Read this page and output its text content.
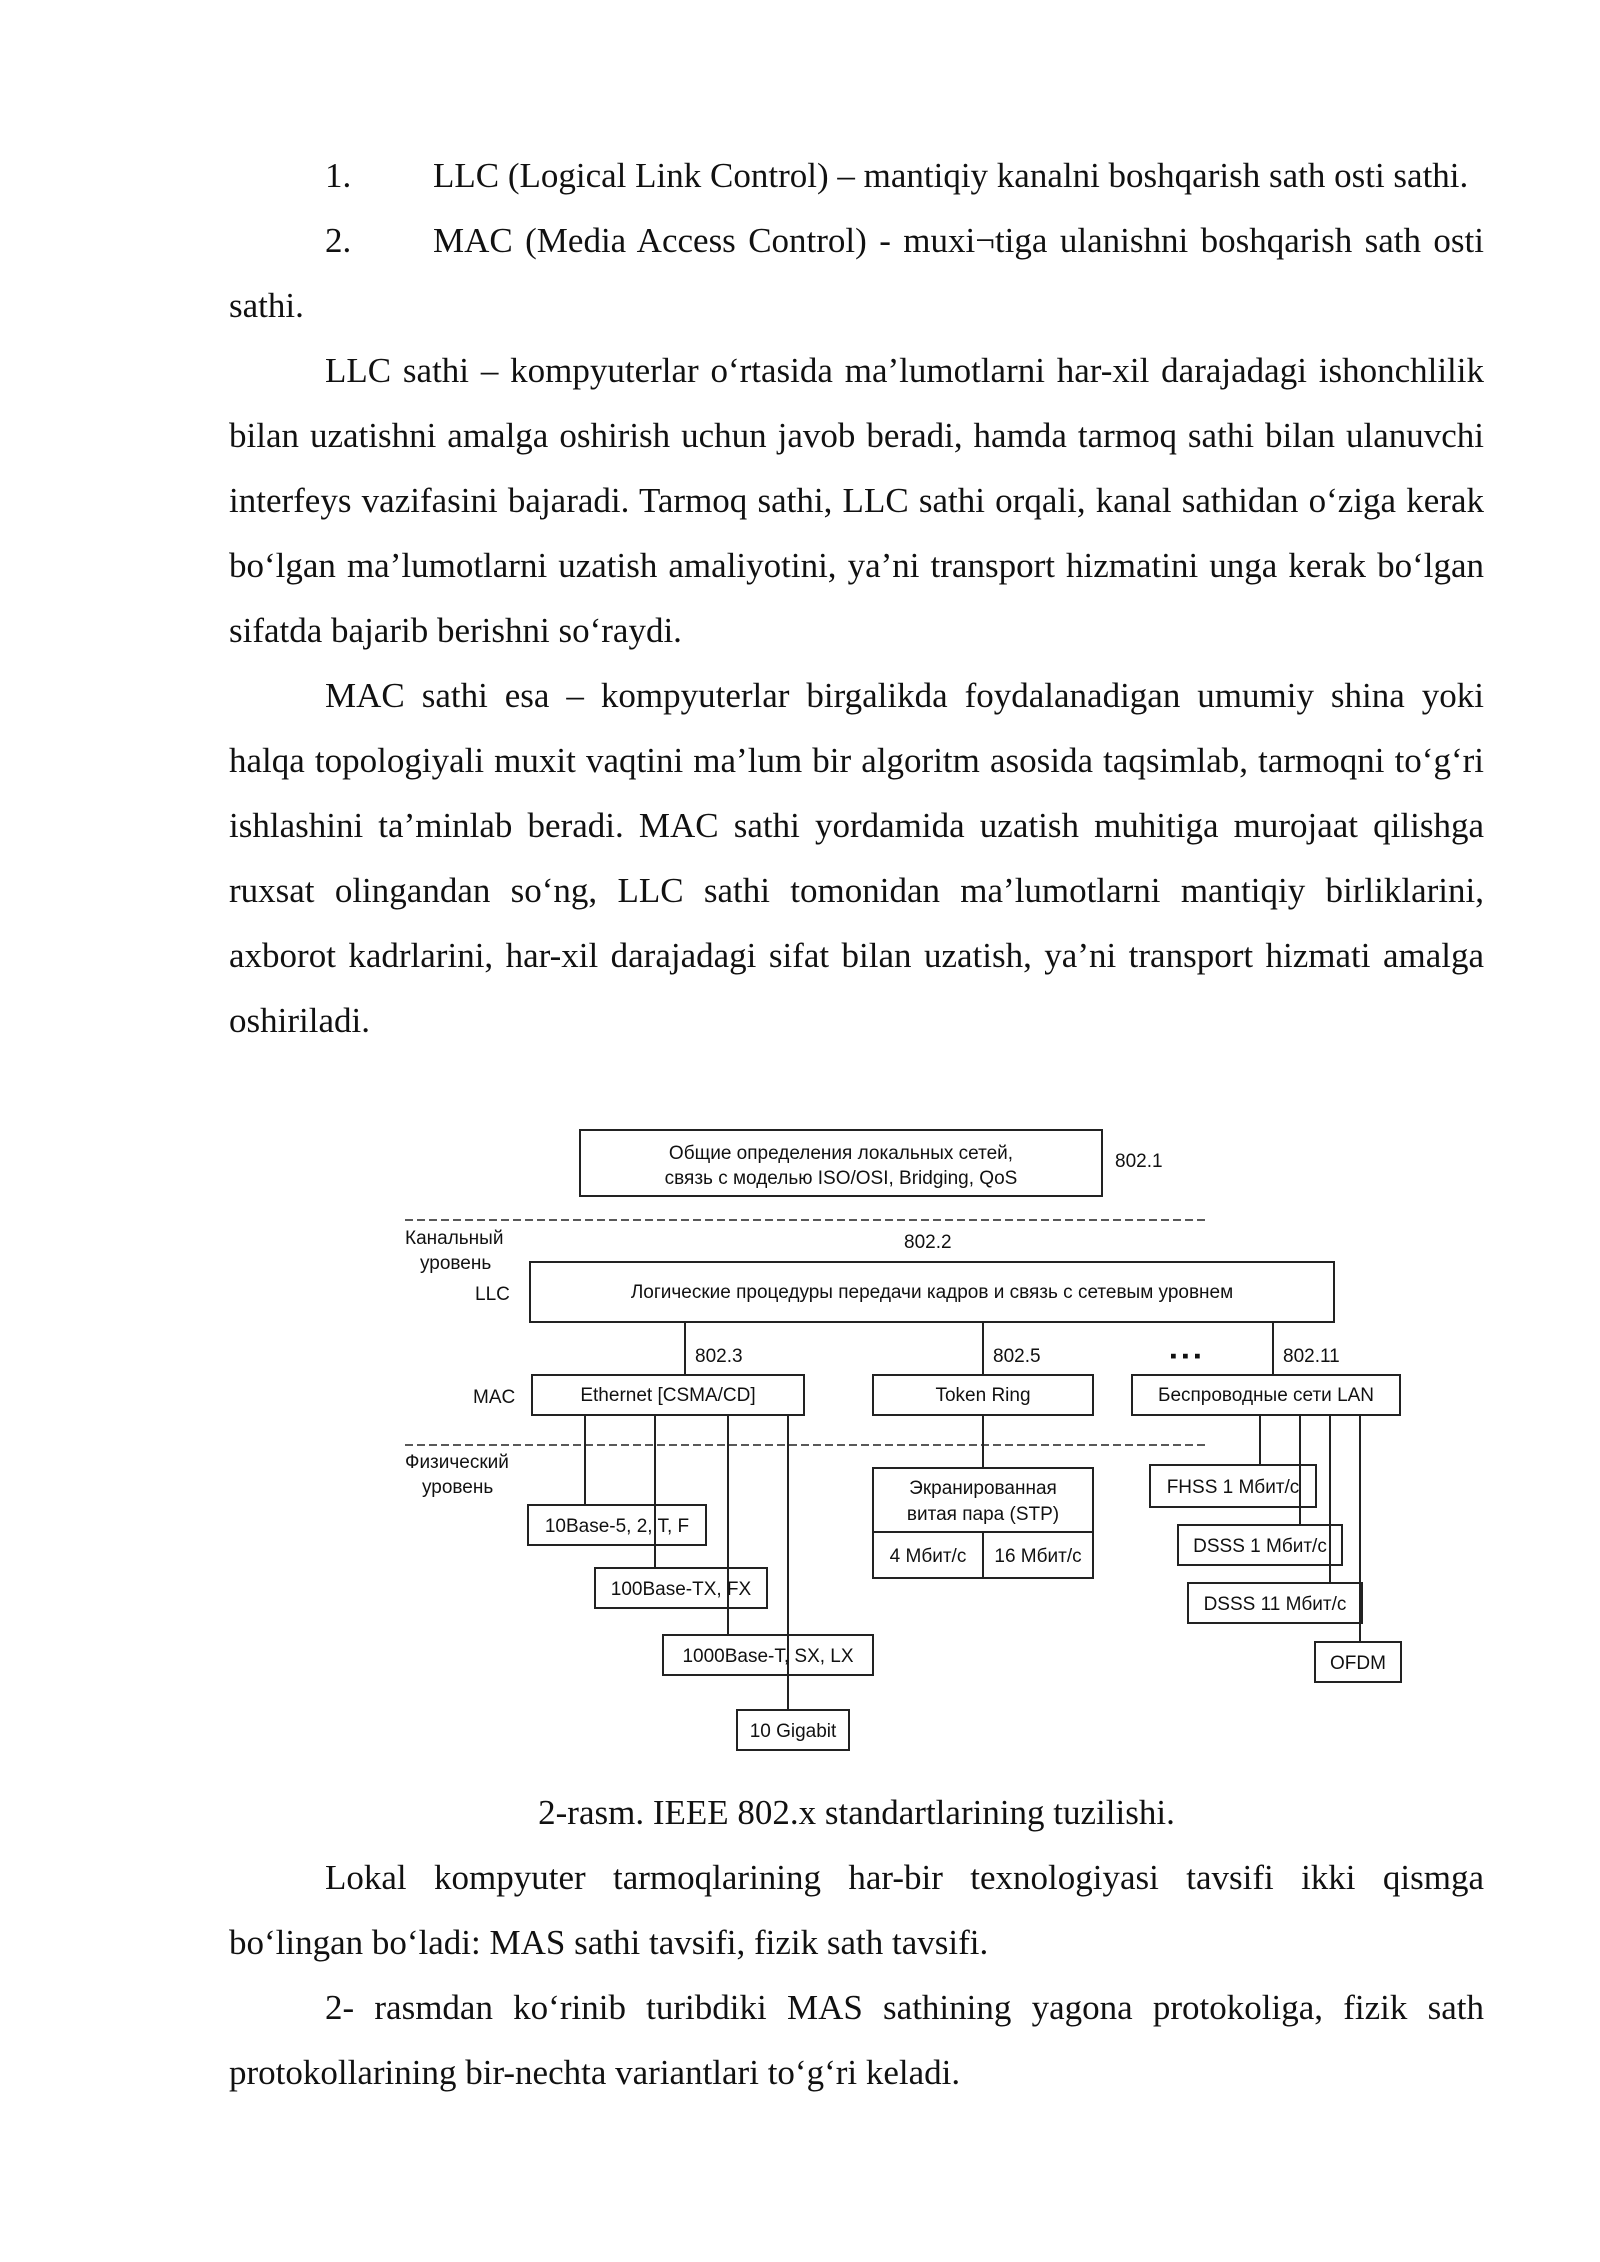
1. LLC (Logical Link Control) – mantiqiy kanalni boshqarish sath osti sathi.

2. MAC (Media Access Control) - muxi¬tiga ulanishni boshqarish sath osti sathi.

LLC sathi – kompyuterlar o‘rtasida ma’lumotlarni har-xil darajadagi ishonchlilik bilan uzatishni amalga oshirish uchun javob beradi, hamda tarmoq sathi bilan ulanuvchi interfeys vazifasini bajaradi. Tarmoq sathi, LLC sathi orqali, kanal sathidan o‘ziga kerak bo‘lgan ma’lumotlarni uzatish amaliyotini, ya’ni transport hizmatini unga kerak bo‘lgan sifatda bajarib berishni so‘raydi.

MAC sathi esa – kompyuterlar birgalikda foydalanadigan umumiy shina yoki halqa topologiyali muxit vaqtini ma’lum bir algoritm asosida taqsimlab, tarmoqni to‘g‘ri ishlashini ta’minlab beradi. MAC sathi yordamida uzatish muhitiga murojaat qilishga ruxsat olingandan so‘ng, LLC sathi tomonidan ma’lumotlarni mantiqiy birliklarini, axborot kadrlarini, har-xil darajadagi sifat bilan uzatish, ya’ni transport hizmati amalga oshiriladi.

Общие определения локальных сетей,
связь с моделью ISO/OSI, Bridging, QoS
802.1
Канальный
уровень
LLC
802.2
Логические процедуры передачи кадров и связь с сетевым уровнем
802.3	802.5	▪ ▪ ▪	802.11
MAC	Ethernet [CSMA/CD]	Token Ring	Беспроводные сети LAN
Физический
уровень
10Base-5, 2, T, F
100Base-TX, FX
1000Base-T, SX, LX
10 Gigabit
Экранированная
витая пара (STP)
4 Мбит/с 16 Мбит/с
FHSS 1 Мбит/с
DSSS 1 Мбит/с
DSSS 11 Мбит/с
OFDM
2-rasm. IEEE 802.x standartlarining tuzilishi.

Lokal kompyuter tarmoqlarining har-bir texnologiyasi tavsifi ikki qismga bo‘lingan bo‘ladi: MAS sathi tavsifi, fizik sath tavsifi.

2- rasmdan ko‘rinib turibdiki MAS sathining yagona protokoliga, fizik sath protokollarining bir-nechta variantlari to‘g‘ri keladi.
